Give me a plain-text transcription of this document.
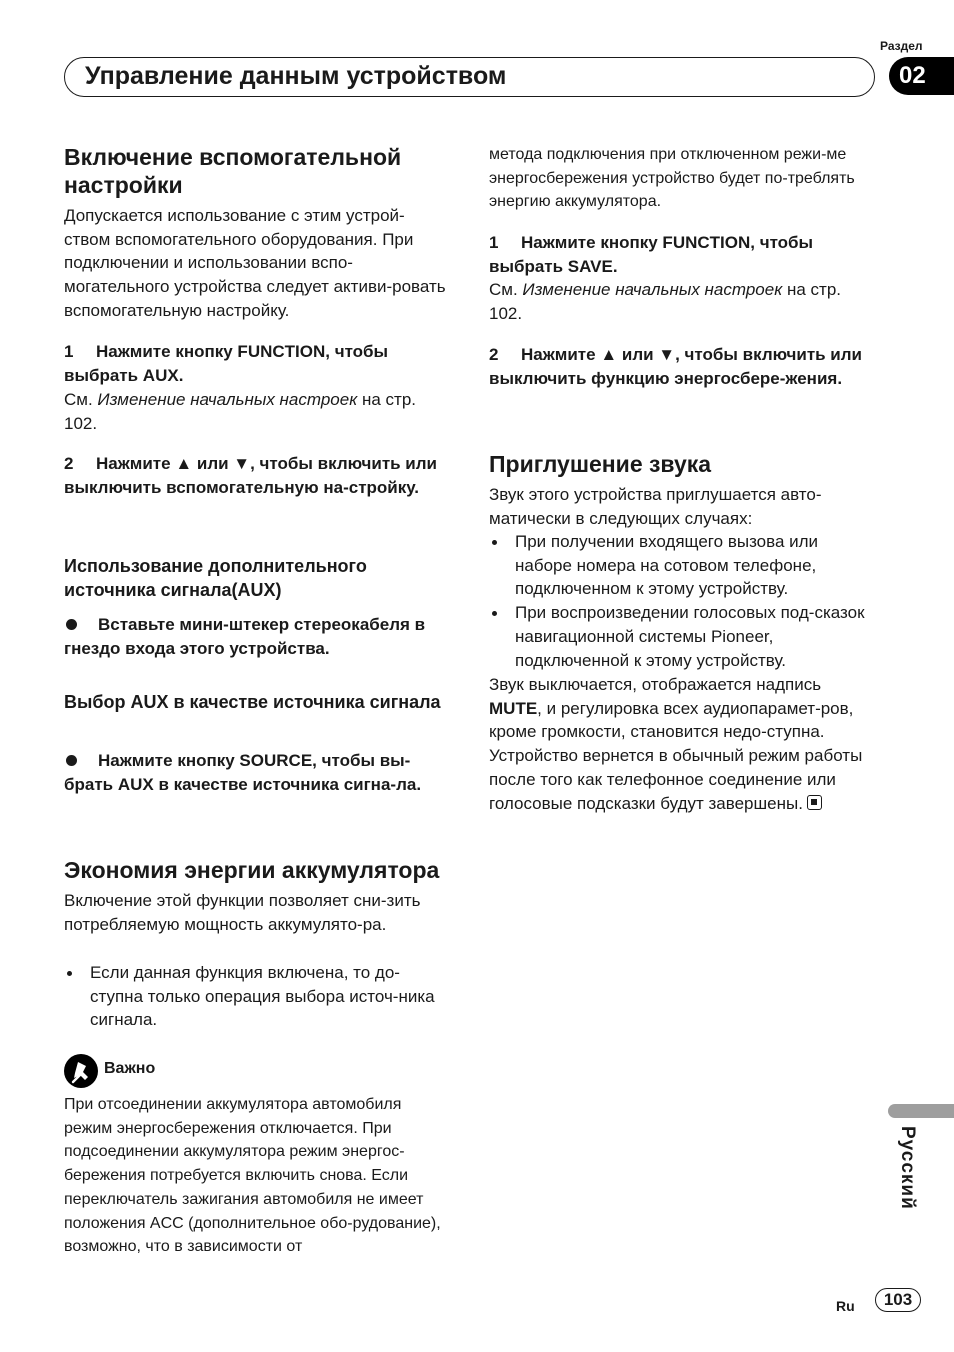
Раздел
02
Управление данным устройством
Включение вспомогательной настройки

Допускается использование с этим устрой-ством вспомогательного оборудования. При подключении и использовании вспо-могательного устройства следует активи-ровать вспомогательную настройку.

1 Нажмите кнопку FUNCTION, чтобы выбрать AUX.

См. Изменение начальных настроек на стр. 102.

2 Нажмите ▲ или ▼, чтобы включить или выключить вспомогательную на-стройку.
Использование дополнительного источника сигнала(AUX)
Вставьте мини-штекер стереокабеля в гнездо входа этого устройства.
Выбор AUX в качестве источника сигнала
Нажмите кнопку SOURCE, чтобы вы-брать AUX в качестве источника сигна-ла.
Экономия энергии аккумулятора

Включение этой функции позволяет сни-зить потребляемую мощность аккумулято-ра.

Если данная функция включена, то до-ступна только операция выбора источ-ника сигнала.
Важно

При отсоединении аккумулятора автомобиля режим энергосбережения отключается. При подсоединении аккумулятора режим энергос-бережения потребуется включить снова. Если переключатель зажигания автомобиля не имеет положения ACC (дополнительное обо-рудование), возможно, что в зависимости от

метода подключения при отключенном режи-ме энергосбережения устройство будет по-треблять энергию аккумулятора.

1 Нажмите кнопку FUNCTION, чтобы выбрать SAVE.

См. Изменение начальных настроек на стр. 102.

2 Нажмите ▲ или ▼, чтобы включить или выключить функцию энергосбере-жения.
Приглушение звука

Звук этого устройства приглушается авто-матически в следующих случаях:

При получении входящего вызова или наборе номера на сотовом телефоне, подключенном к этому устройству.
При воспроизведении голосовых под-сказок навигационной системы Pioneer, подключенной к этому устройству.

Звук выключается, отображается надпись MUTE, и регулировка всех аудиопарамет-ров, кроме громкости, становится недо-ступна. Устройство вернется в обычный режим работы после того как телефонное соединение или голосовые подсказки будут завершены.

Русский
Ru	103
